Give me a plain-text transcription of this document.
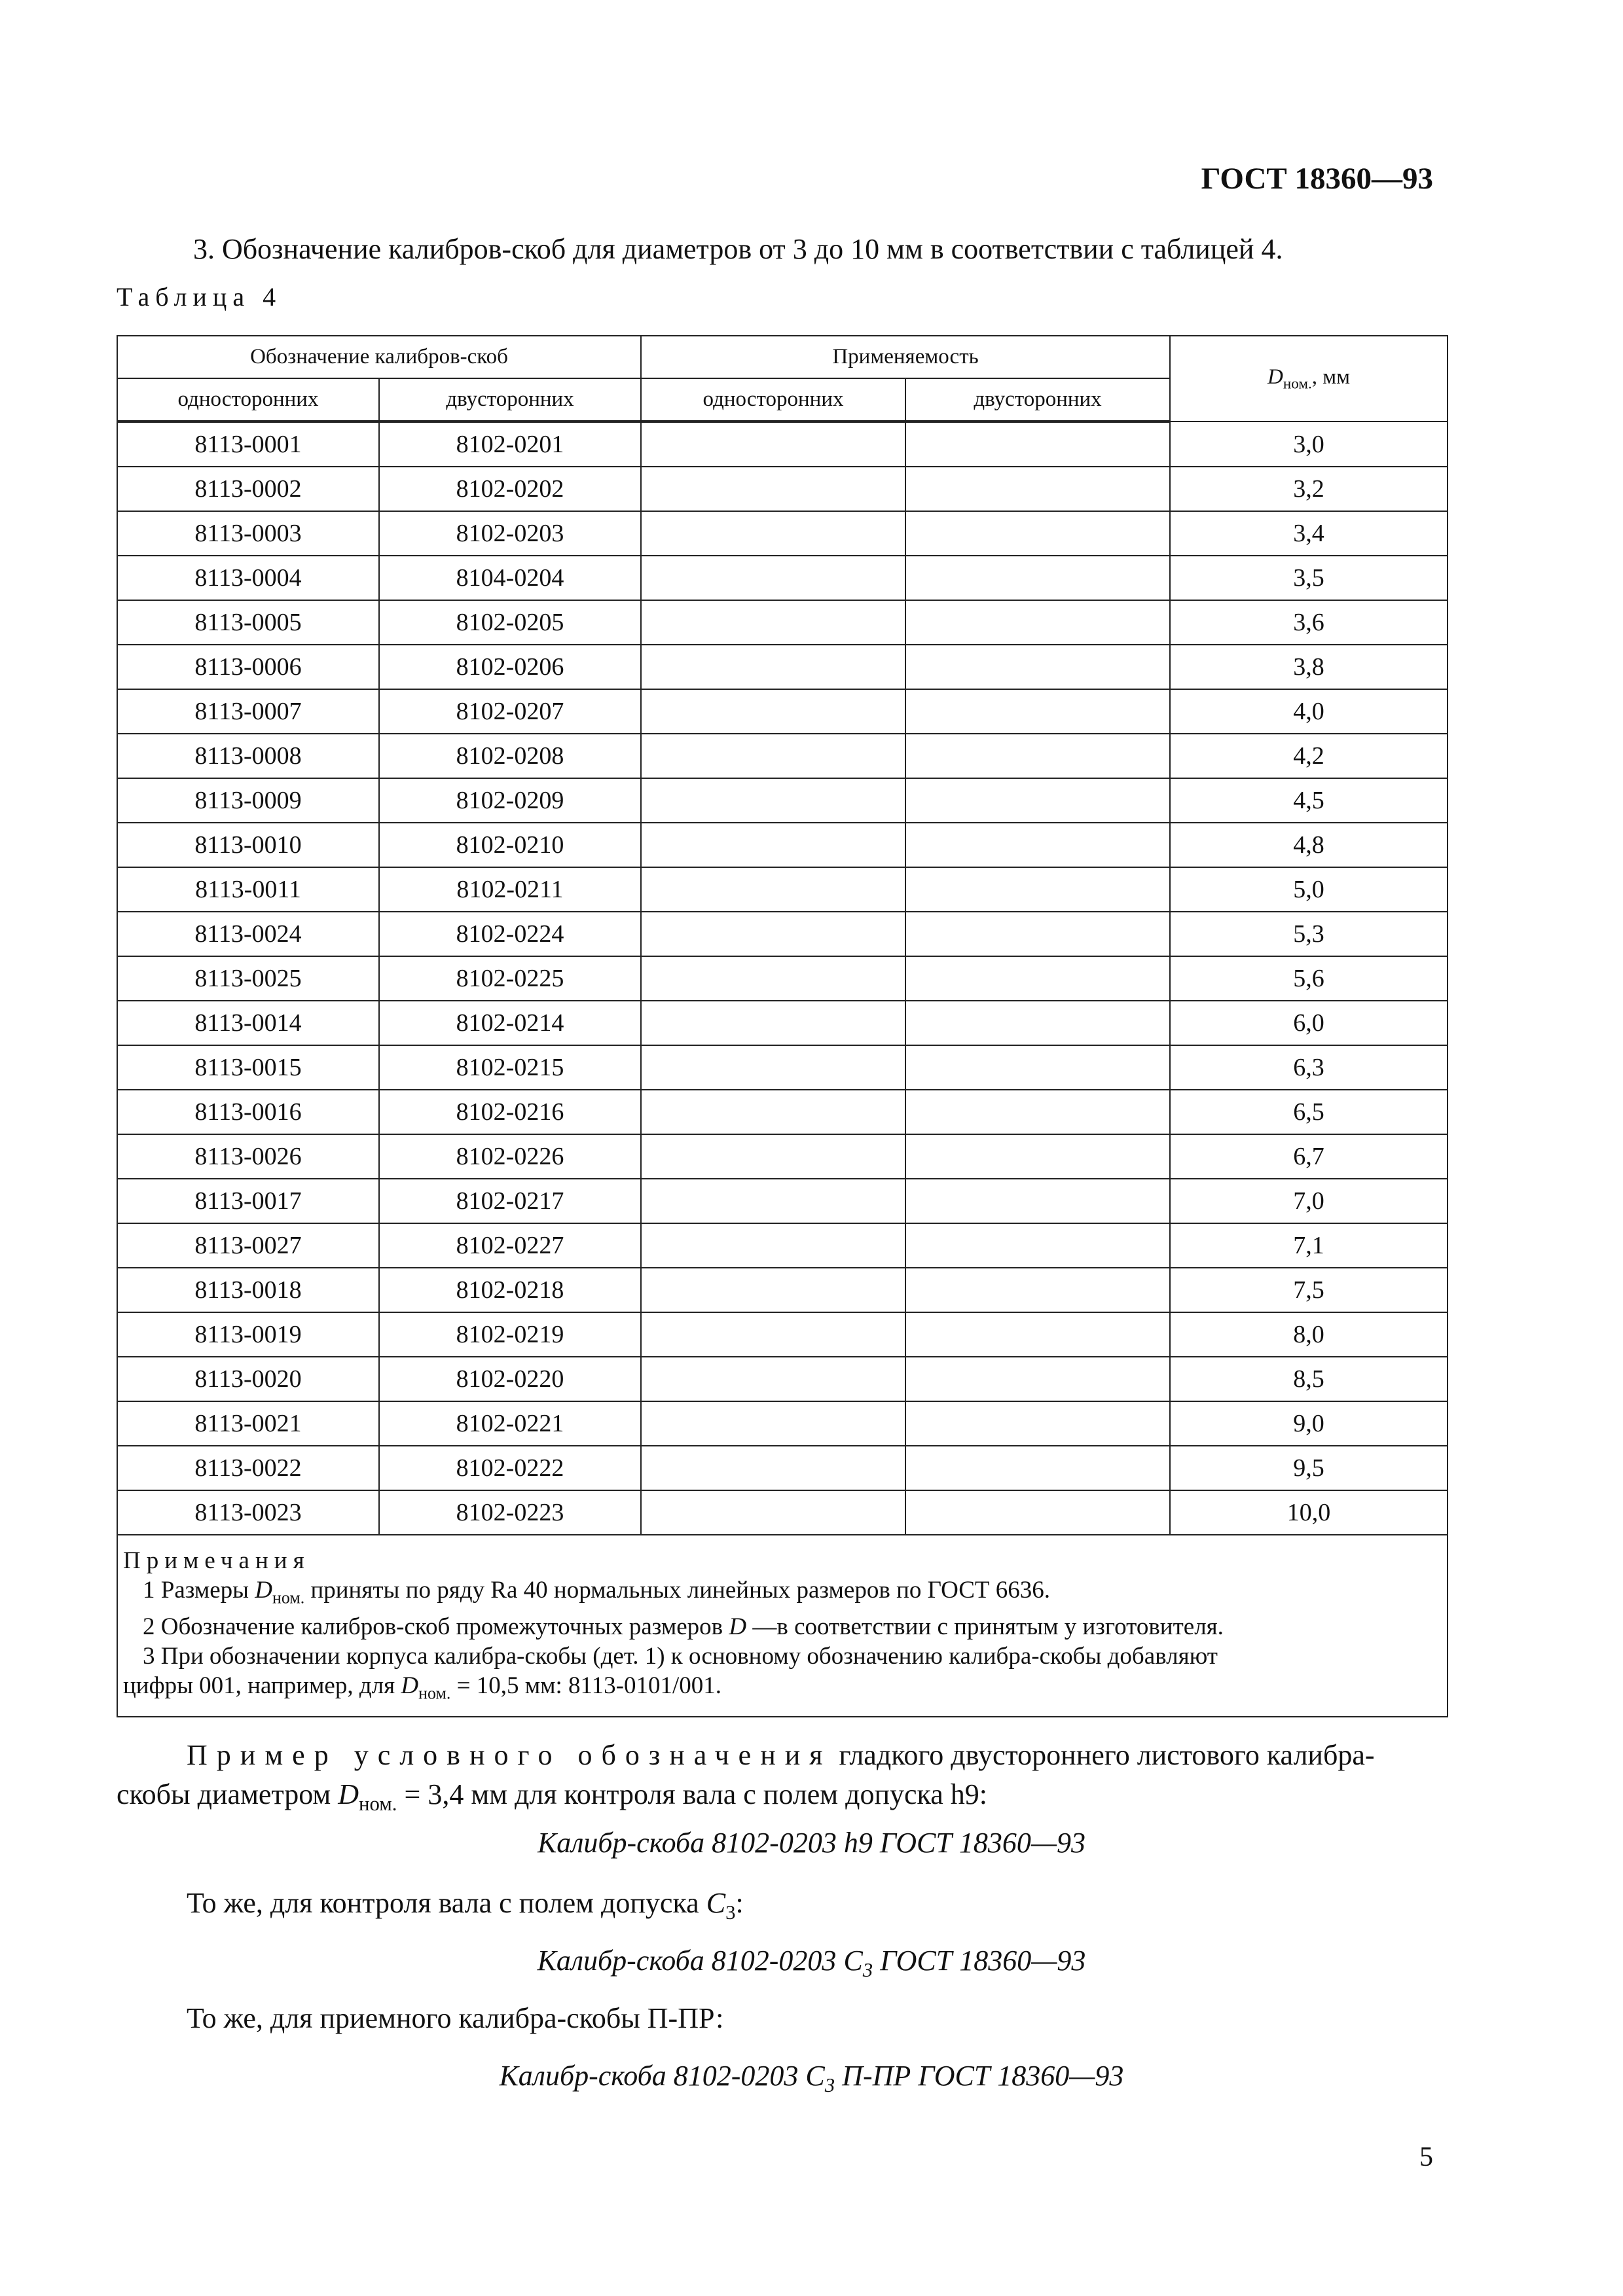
ГОСТ 18360—93
3. Обозначение калибров-скоб для диаметров от 3 до 10 мм в соответствии с таблицей 4.
Таблица 4
Обозначение калибров-скоб		Применяемость		$D_{ном.}$, мм
односторонних	двусторонних	односторонних	двусторонних	
8113-0001	8102-0201			3,0
8113-0002	8102-0202			3,2
8113-0003	8102-0203			3,4
8113-0004	8104-0204			3,5
8113-0005	8102-0205			3,6
8113-0006	8102-0206			3,8
8113-0007	8102-0207			4,0
8113-0008	8102-0208			4,2
8113-0009	8102-0209			4,5
8113-0010	8102-0210			4,8
8113-0011	8102-0211			5,0
8113-0024	8102-0224			5,3
8113-0025	8102-0225			5,6
8113-0014	8102-0214			6,0
8113-0015	8102-0215			6,3
8113-0016	8102-0216			6,5
8113-0026	8102-0226			6,7
8113-0017	8102-0217			7,0
8113-0027	8102-0227			7,1
8113-0018	8102-0218			7,5
8113-0019	8102-0219			8,0
8113-0020	8102-0220			8,5
8113-0021	8102-0221			9,0
8113-0022	8102-0222			9,5
8113-0023	8102-0223			10,0

Примечания
1 Размеры $D_{ном.}$ приняты по ряду Ra 40 нормальных линейных размеров по ГОСТ 6636.
2 Обозначение калибров-скоб промежуточных размеров D —в соответствии с принятым у изготовителя.
3 При обозначении корпуса калибра-скобы (дет. 1) к основному обозначению калибра-скобы добавляют
цифры 001, например, для $D_{ном.} = 10,5$ мм: 8113-0101/001.				
Пример условного обозначения гладкого двустороннего листового калибра-скобы диаметром $D_{ном.} = 3,4$ мм для контроля вала с полем допуска h9:
Калибр-скоба 8102-0203 h9 ГОСТ 18360—93
То же, для контроля вала с полем допуска $C_3$:
Калибр-скоба 8102-0203 $C_3$ ГОСТ 18360—93
То же, для приемного калибра-скобы П-ПР:
Калибр-скоба 8102-0203 $C_3$ П-ПР ГОСТ 18360—93
5
